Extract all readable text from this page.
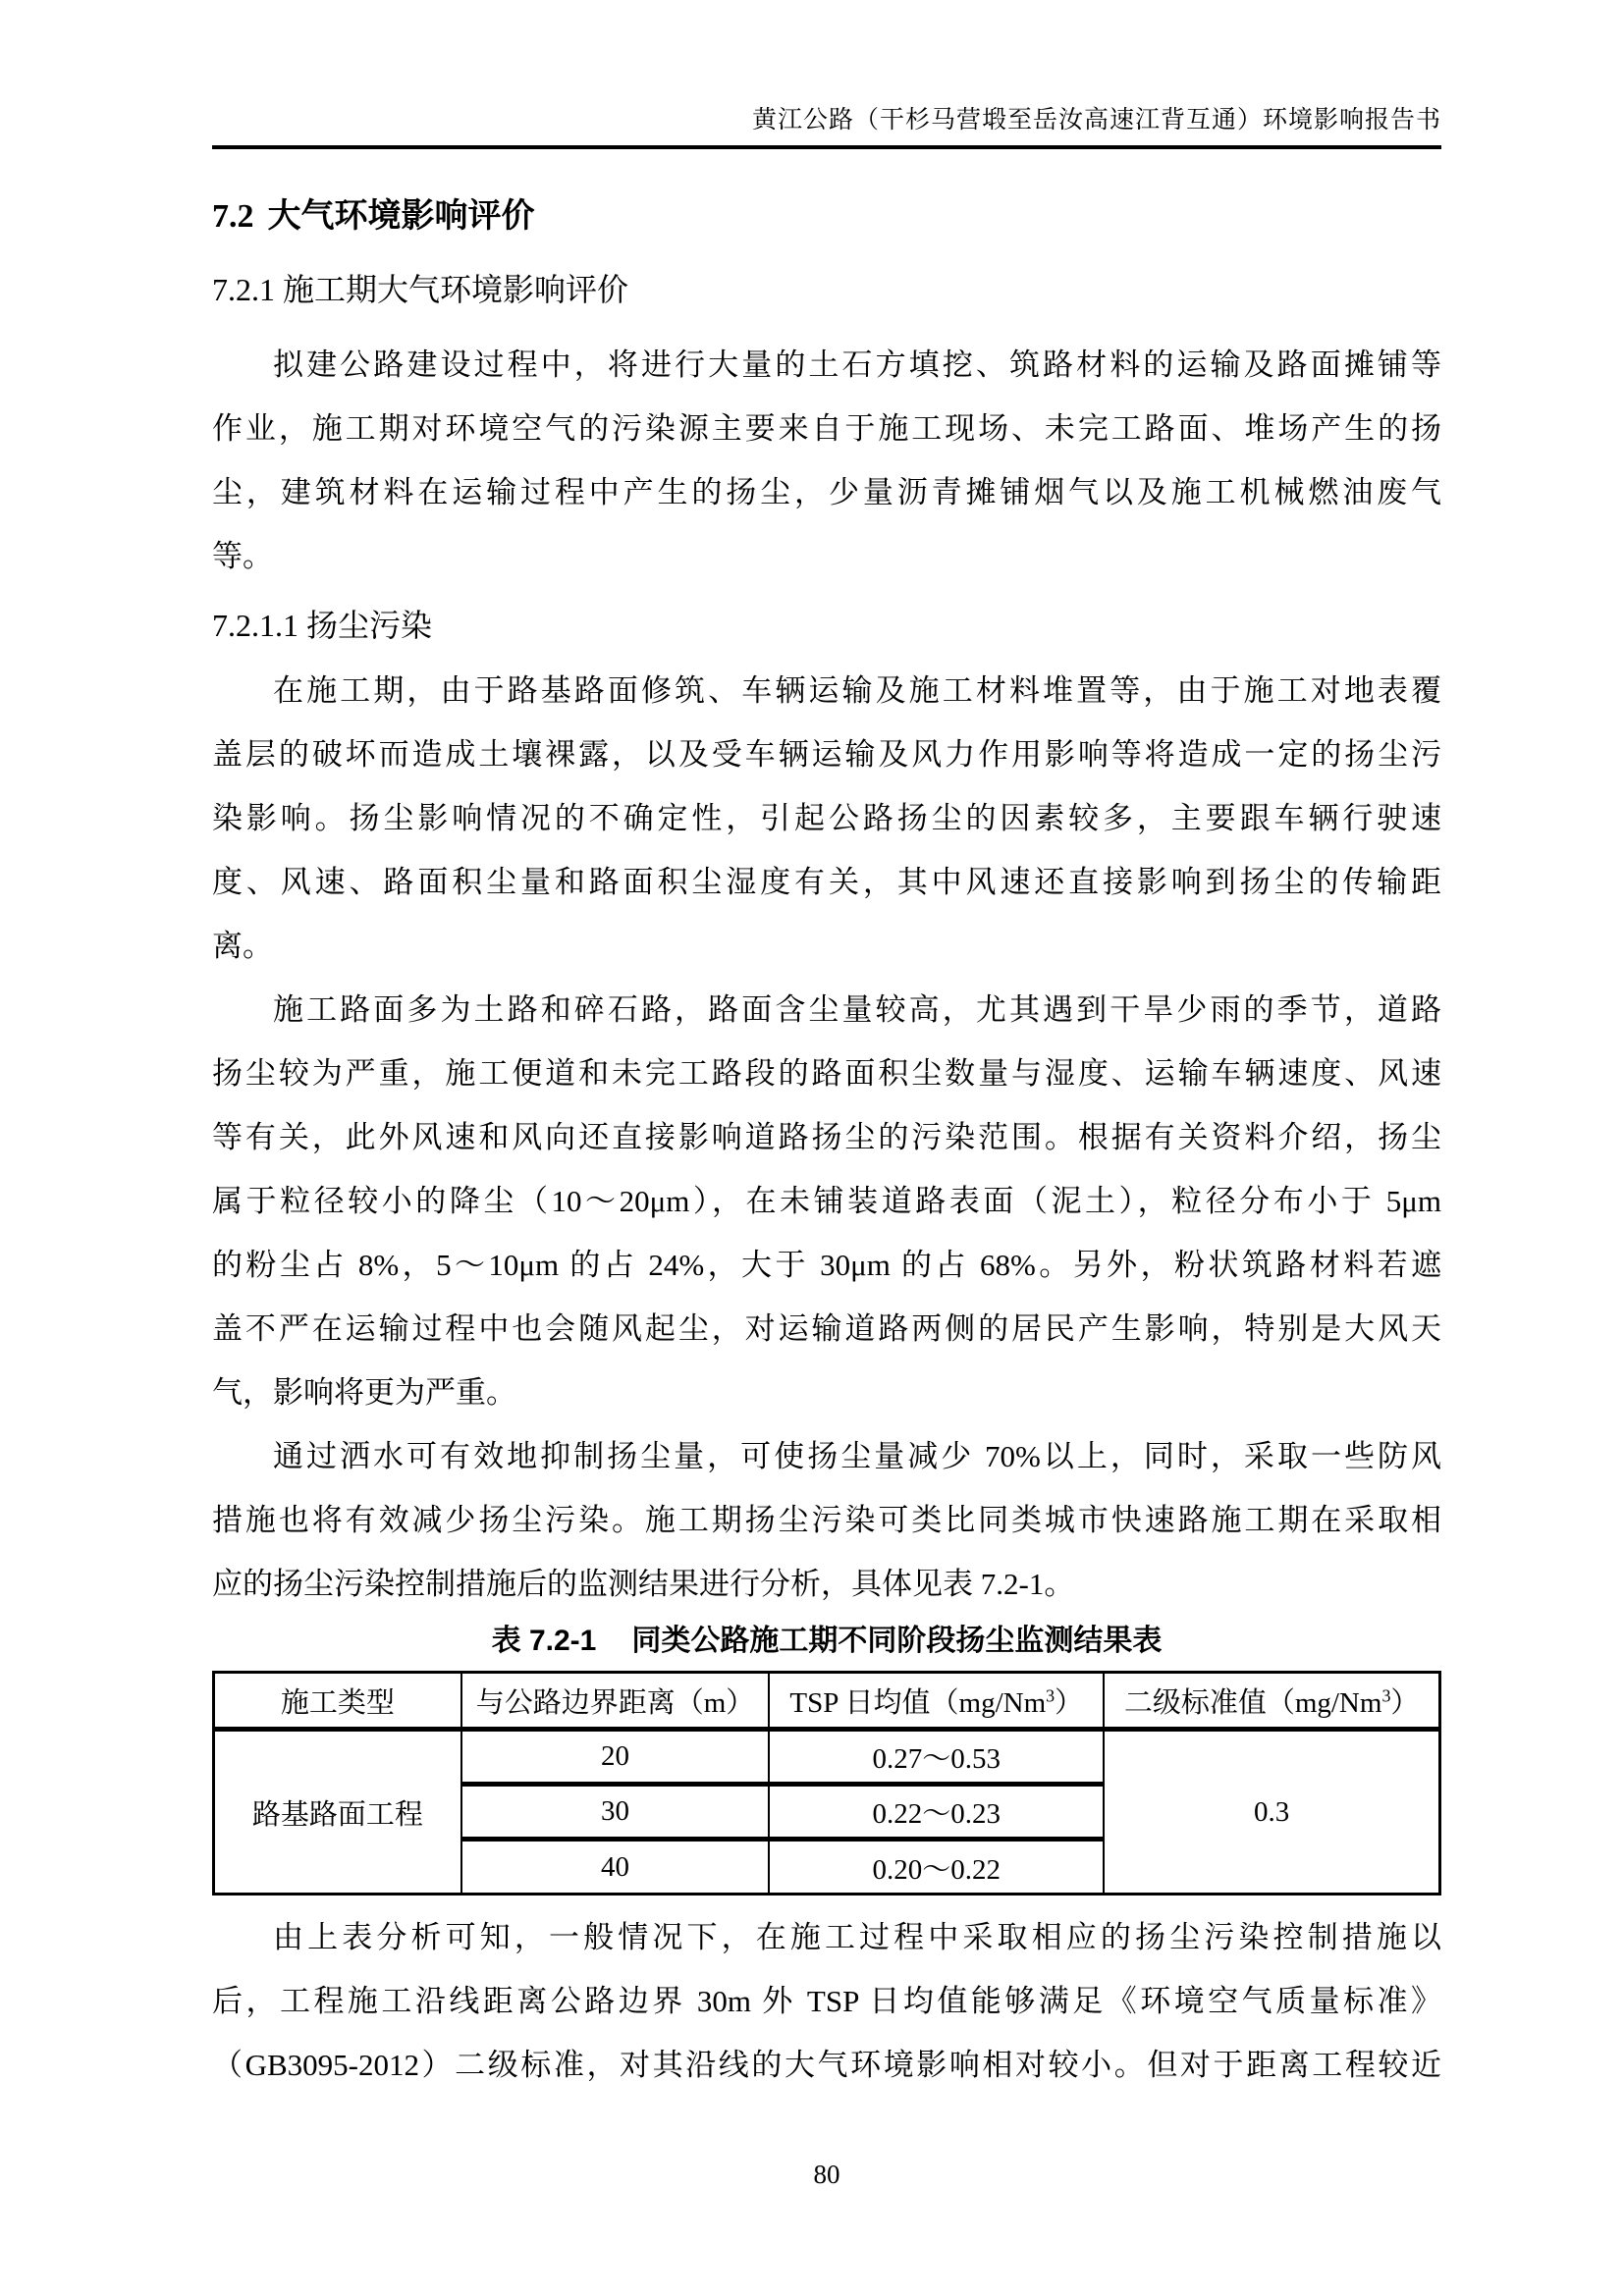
黄江公路（干杉马营塅至岳汝高速江背互通）环境影响报告书
7.2 大气环境影响评价
7.2.1 施工期大气环境影响评价
拟建公路建设过程中，将进行大量的土石方填挖、筑路材料的运输及路面摊铺等
作业，施工期对环境空气的污染源主要来自于施工现场、未完工路面、堆场产生的扬
尘，建筑材料在运输过程中产生的扬尘，少量沥青摊铺烟气以及施工机械燃油废气
等。
7.2.1.1 扬尘污染
在施工期，由于路基路面修筑、车辆运输及施工材料堆置等，由于施工对地表覆
盖层的破坏而造成土壤裸露，以及受车辆运输及风力作用影响等将造成一定的扬尘污
染影响。扬尘影响情况的不确定性，引起公路扬尘的因素较多，主要跟车辆行驶速
度、风速、路面积尘量和路面积尘湿度有关，其中风速还直接影响到扬尘的传输距
离。
施工路面多为土路和碎石路，路面含尘量较高，尤其遇到干旱少雨的季节，道路
扬尘较为严重，施工便道和未完工路段的路面积尘数量与湿度、运输车辆速度、风速
等有关，此外风速和风向还直接影响道路扬尘的污染范围。根据有关资料介绍，扬尘
属于粒径较小的降尘（10～20μm），在未铺装道路表面（泥土），粒径分布小于 5μm
的粉尘占 8%，5～10μm 的占 24%，大于 30μm 的占 68%。另外，粉状筑路材料若遮
盖不严在运输过程中也会随风起尘，对运输道路两侧的居民产生影响，特别是大风天
气，影响将更为严重。
通过洒水可有效地抑制扬尘量，可使扬尘量减少 70%以上，同时，采取一些防风
措施也将有效减少扬尘污染。施工期扬尘污染可类比同类城市快速路施工期在采取相
应的扬尘污染控制措施后的监测结果进行分析，具体见表 7.2-1。
表 7.2-1 同类公路施工期不同阶段扬尘监测结果表
施工类型	与公路边界距离（m）	TSP 日均值（mg/Nm$^3$）	二级标准值（mg/Nm$^3$）
路基路面工程	20	0.27～0.53	0.3
	30	0.22～0.23	
	40	0.20～0.22	
由上表分析可知，一般情况下，在施工过程中采取相应的扬尘污染控制措施以
后，工程施工沿线距离公路边界 30m 外 TSP 日均值能够满足《环境空气质量标准》
（GB3095-2012）二级标准，对其沿线的大气环境影响相对较小。但对于距离工程较近
80
